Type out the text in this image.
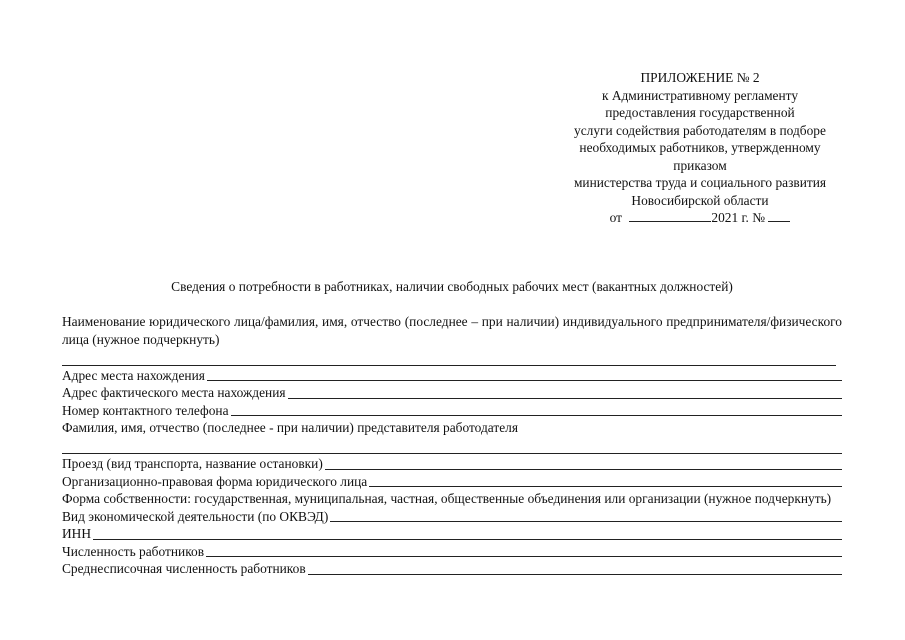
ПРИЛОЖЕНИЕ № 2
к Административному регламенту
предоставления государственной
услуги содействия работодателям в подборе
необходимых работников, утвержденному
приказом
министерства труда и социального развития
Новосибирской области
от	2021 г. №
Сведения о потребности в работниках, наличии свободных рабочих мест (вакантных должностей)
Наименование юридического лица/фамилия, имя, отчество (последнее – при наличии) индивидуального предпринимателя/физического лица (нужное подчеркнуть)
Адрес места нахождения
Адрес фактического места нахождения
Номер контактного телефона
Фамилия, имя, отчество (последнее - при наличии) представителя работодателя
Проезд (вид транспорта, название остановки)
Организационно-правовая форма юридического лица
Форма собственности: государственная, муниципальная, частная, общественные объединения или организации (нужное подчеркнуть)
Вид экономической деятельности (по ОКВЭД)
ИНН
Численность работников
Среднесписочная численность работников
